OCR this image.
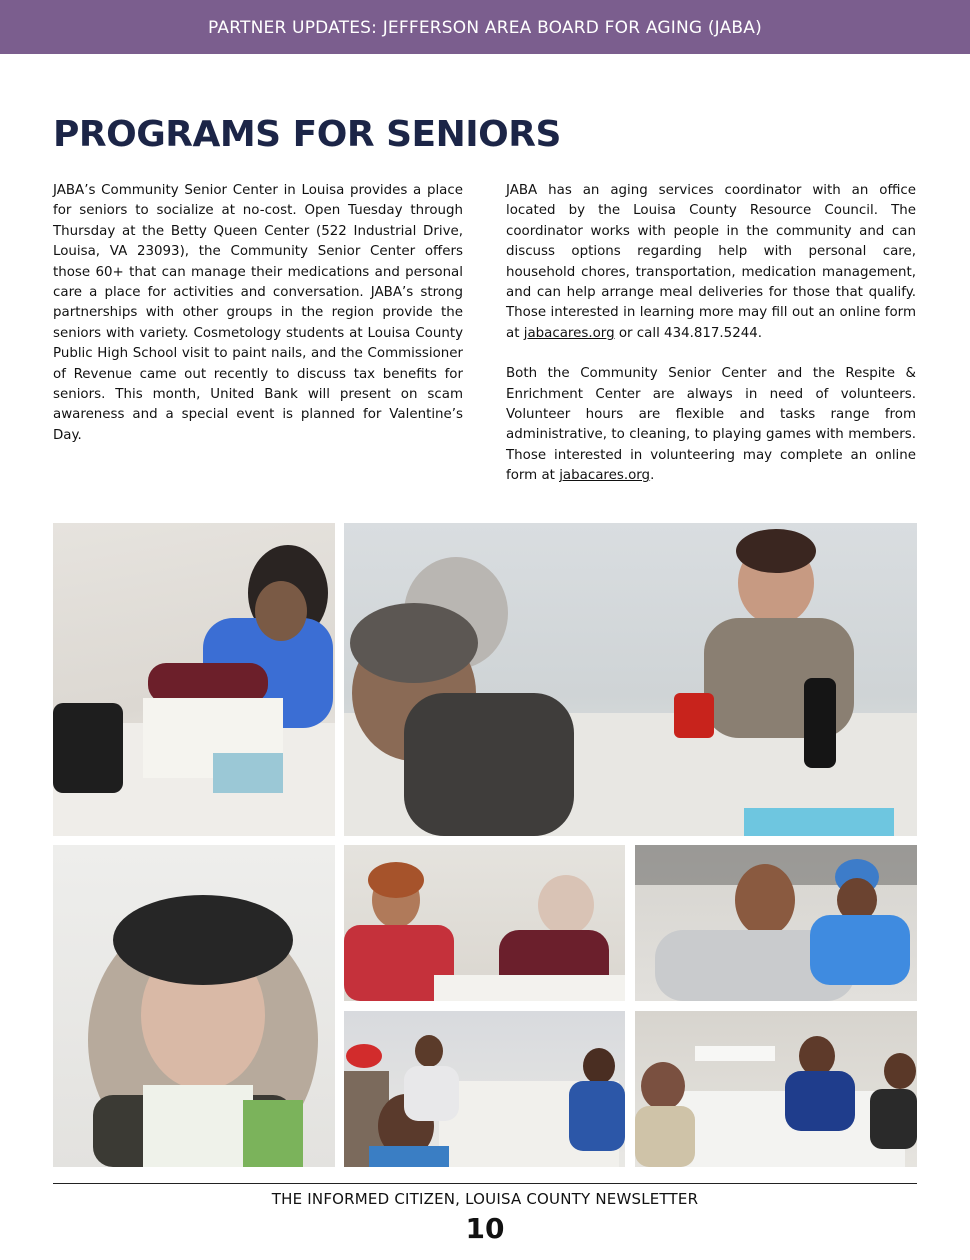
PARTNER UPDATES: JEFFERSON AREA BOARD FOR AGING (JABA)
PROGRAMS FOR SENIORS

JABA’s Community Senior Center in Louisa provides a place for seniors to socialize at no-cost. Open Tuesday through Thursday at the Betty Queen Center (522 Industrial Drive, Louisa, VA 23093), the Community Senior Center offers those 60+ that can manage their medications and personal care a place for activities and conversation. JABA’s strong partnerships with other groups in the region provide the seniors with variety. Cosmetology students at Louisa County Public High School visit to paint nails, and the Commissioner of Revenue came out recently to discuss tax benefits for seniors. This month, United Bank will present on scam awareness and a special event is planned for Valentine’s Day.

JABA has an aging services coordinator with an office located by the Louisa County Resource Council. The coordinator works with people in the community and can discuss options regarding help with personal care, household chores, transportation, medication management, and can help arrange meal deliveries for those that qualify. Those interested in learning more may fill out an online form at jabacares.org or call 434.817.5244.

Both the Community Senior Center and the Respite & Enrichment Center are always in need of volunteers. Volunteer hours are flexible and tasks range from administrative, to cleaning, to playing games with members. Those interested in volunteering may complete an online form at jabacares.org.

THE INFORMED CITIZEN, LOUISA COUNTY NEWSLETTER
10
